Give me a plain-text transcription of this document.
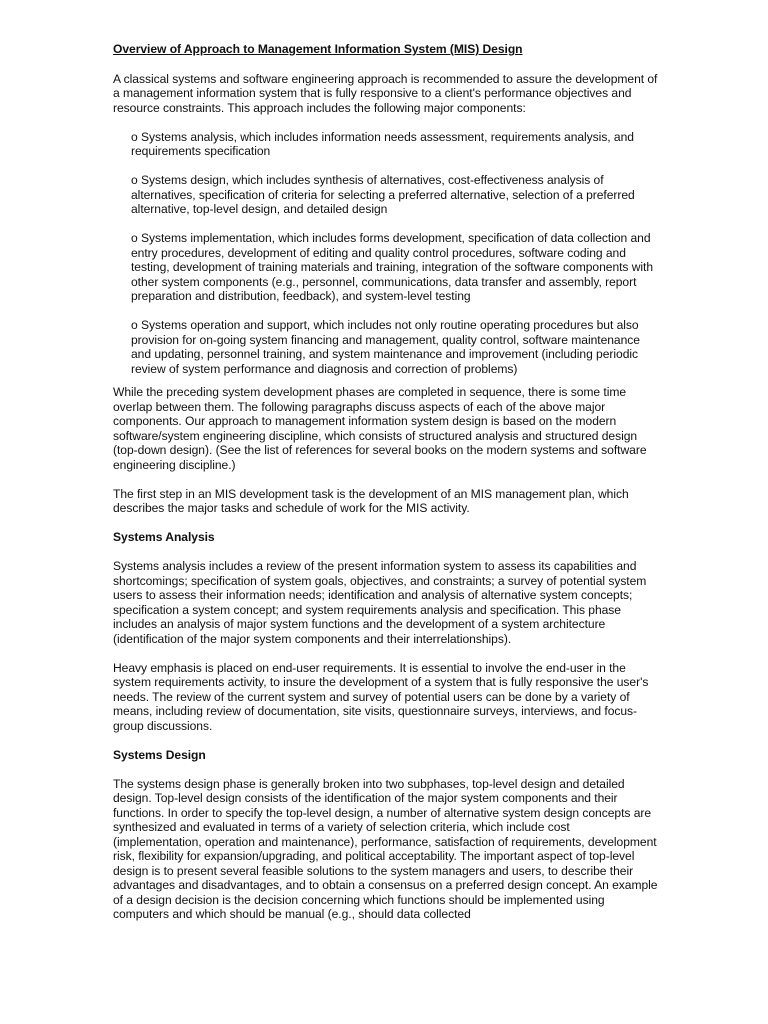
Overview of Approach to Management Information System (MIS) Design

A classical systems and software engineering approach is recommended to assure the development of a management information system that is fully responsive to a client's performance objectives and resource constraints. This approach includes the following major components:

o Systems analysis, which includes information needs assessment, requirements analysis, and requirements specification
o Systems design, which includes synthesis of alternatives, cost-effectiveness analysis of alternatives, specification of criteria for selecting a preferred alternative, selection of a preferred alternative, top-level design, and detailed design
o Systems implementation, which includes forms development, specification of data collection and entry procedures, development of editing and quality control procedures, software coding and testing, development of training materials and training, integration of the software components with other system components (e.g., personnel, communications, data transfer and assembly, report preparation and distribution, feedback), and system-level testing
o Systems operation and support, which includes not only routine operating procedures but also provision for on-going system financing and management, quality control, software maintenance and updating, personnel training, and system maintenance and improvement (including periodic review of system performance and diagnosis and correction of problems)

While the preceding system development phases are completed in sequence, there is some time overlap between them. The following paragraphs discuss aspects of each of the above major components. Our approach to management information system design is based on the modern software/system engineering discipline, which consists of structured analysis and structured design (top-down design). (See the list of references for several books on the modern systems and software engineering discipline.)

The first step in an MIS development task is the development of an MIS management plan, which describes the major tasks and schedule of work for the MIS activity.

Systems Analysis

Systems analysis includes a review of the present information system to assess its capabilities and shortcomings; specification of system goals, objectives, and constraints; a survey of potential system users to assess their information needs; identification and analysis of alternative system concepts; specification a system concept; and system requirements analysis and specification. This phase includes an analysis of major system functions and the development of a system architecture (identification of the major system components and their interrelationships).

Heavy emphasis is placed on end-user requirements. It is essential to involve the end-user in the system requirements activity, to insure the development of a system that is fully responsive the user's needs. The review of the current system and survey of potential users can be done by a variety of means, including review of documentation, site visits, questionnaire surveys, interviews, and focus-group discussions.

Systems Design

The systems design phase is generally broken into two subphases, top-level design and detailed design. Top-level design consists of the identification of the major system components and their functions. In order to specify the top-level design, a number of alternative system design concepts are synthesized and evaluated in terms of a variety of selection criteria, which include cost (implementation, operation and maintenance), performance, satisfaction of requirements, development risk, flexibility for expansion/upgrading, and political acceptability. The important aspect of top-level design is to present several feasible solutions to the system managers and users, to describe their advantages and disadvantages, and to obtain a consensus on a preferred design concept. An example of a design decision is the decision concerning which functions should be implemented using computers and which should be manual (e.g., should data collected
